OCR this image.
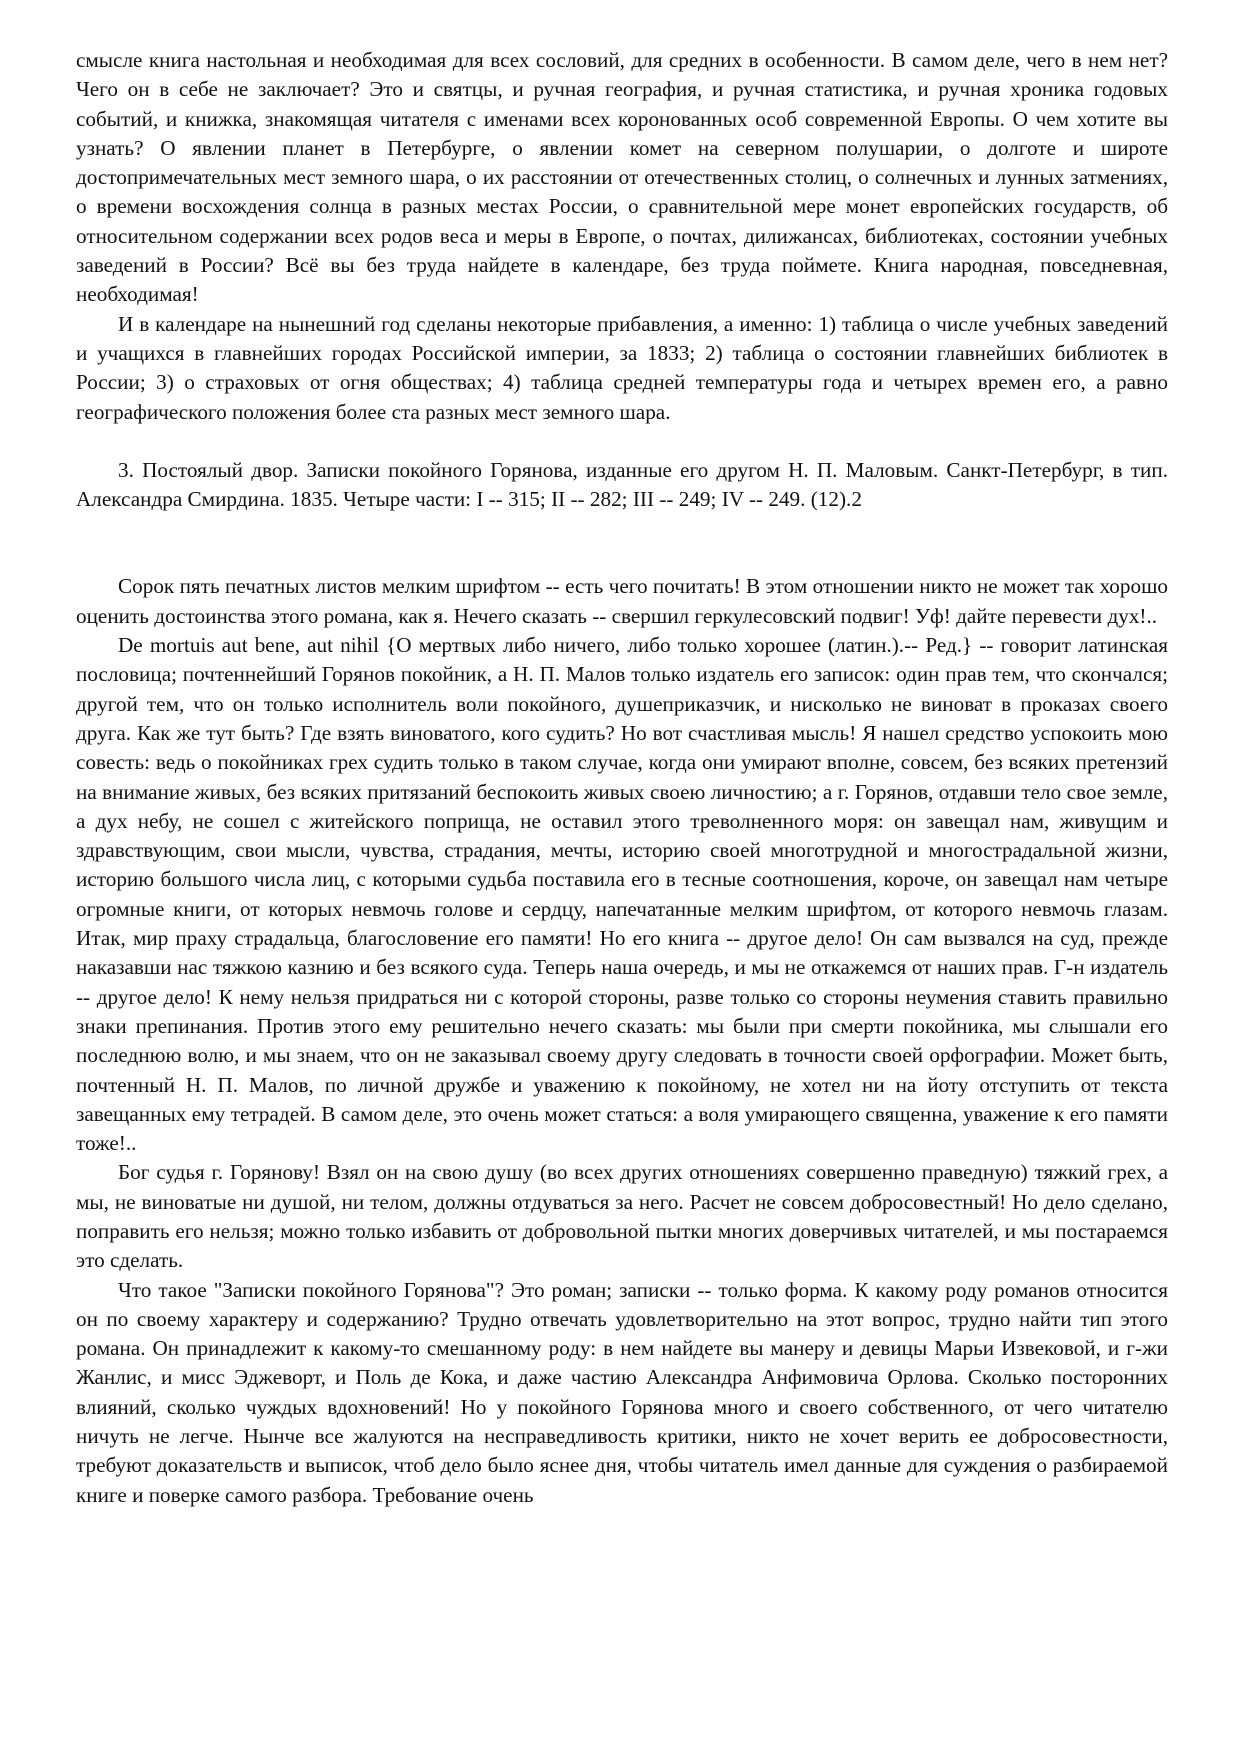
смысле книга настольная и необходимая для всех сословий, для средних в особенности. В самом деле, чего в нем нет? Чего он в себе не заключает? Это и святцы, и ручная география, и ручная статистика, и ручная хроника годовых событий, и книжка, знакомящая читателя с именами всех коронованных особ современной Европы. О чем хотите вы узнать? О явлении планет в Петербурге, о явлении комет на северном полушарии, о долготе и широте достопримечательных мест земного шара, о их расстоянии от отечественных столиц, о солнечных и лунных затмениях, о времени восхождения солнца в разных местах России, о сравнительной мере монет европейских государств, об относительном содержании всех родов веса и меры в Европе, о почтах, дилижансах, библиотеках, состоянии учебных заведений в России? Всё вы без труда найдете в календаре, без труда поймете. Книга народная, повседневная, необходимая!

И в календаре на нынешний год сделаны некоторые прибавления, а именно: 1) таблица о числе учебных заведений и учащихся в главнейших городах Российской империи, за 1833; 2) таблица о состоянии главнейших библиотек в России; 3) о страховых от огня обществах; 4) таблица средней температуры года и четырех времен его, а равно географического положения более ста разных мест земного шара.

3. Постоялый двор. Записки покойного Горянова, изданные его другом Н. П. Маловым. Санкт-Петербург, в тип. Александра Смирдина. 1835. Четыре части: I -- 315; II -- 282; III -- 249; IV -- 249. (12).2

Сорок пять печатных листов мелким шрифтом -- есть чего почитать! В этом отношении никто не может так хорошо оценить достоинства этого романа, как я. Нечего сказать -- свершил геркулесовский подвиг! Уф! дайте перевести дух!..

De mortuis aut bene, aut nihil {О мертвых либо ничего, либо только хорошее (латин.).-- Ред.} -- говорит латинская пословица; почтеннейший Горянов покойник, а Н. П. Малов только издатель его записок: один прав тем, что скончался; другой тем, что он только исполнитель воли покойного, душеприказчик, и нисколько не виноват в проказах своего друга. Как же тут быть? Где взять виноватого, кого судить? Но вот счастливая мысль! Я нашел средство успокоить мою совесть: ведь о покойниках грех судить только в таком случае, когда они умирают вполне, совсем, без всяких претензий на внимание живых, без всяких притязаний беспокоить живых своею личностию; а г. Горянов, отдавши тело свое земле, а дух небу, не сошел с житейского поприща, не оставил этого треволненного моря: он завещал нам, живущим и здравствующим, свои мысли, чувства, страдания, мечты, историю своей многотрудной и многострадальной жизни, историю большого числа лиц, с которыми судьба поставила его в тесные соотношения, короче, он завещал нам четыре огромные книги, от которых невмочь голове и сердцу, напечатанные мелким шрифтом, от которого невмочь глазам. Итак, мир праху страдальца, благословение его памяти! Но его книга -- другое дело! Он сам вызвался на суд, прежде наказавши нас тяжкою казнию и без всякого суда. Теперь наша очередь, и мы не откажемся от наших прав. Г-н издатель -- другое дело! К нему нельзя придраться ни с которой стороны, разве только со стороны неумения ставить правильно знаки препинания. Против этого ему решительно нечего сказать: мы были при смерти покойника, мы слышали его последнюю волю, и мы знаем, что он не заказывал своему другу следовать в точности своей орфографии. Может быть, почтенный Н. П. Малов, по личной дружбе и уважению к покойному, не хотел ни на йоту отступить от текста завещанных ему тетрадей. В самом деле, это очень может статься: а воля умирающего священна, уважение к его памяти тоже!..

Бог судья г. Горянову! Взял он на свою душу (во всех других отношениях совершенно праведную) тяжкий грех, а мы, не виноватые ни душой, ни телом, должны отдуваться за него. Расчет не совсем добросовестный! Но дело сделано, поправить его нельзя; можно только избавить от добровольной пытки многих доверчивых читателей, и мы постараемся это сделать.

Что такое "Записки покойного Горянова"? Это роман; записки -- только форма. К какому роду романов относится он по своему характеру и содержанию? Трудно отвечать удовлетворительно на этот вопрос, трудно найти тип этого романа. Он принадлежит к какому-то смешанному роду: в нем найдете вы манеру и девицы Марьи Извековой, и г-жи Жанлис, и мисс Эджеворт, и Поль де Кока, и даже частию Александра Анфимовича Орлова. Сколько посторонних влияний, сколько чуждых вдохновений! Но у покойного Горянова много и своего собственного, от чего читателю ничуть не легче. Нынче все жалуются на несправедливость критики, никто не хочет верить ее добросовестности, требуют доказательств и выписок, чтоб дело было яснее дня, чтобы читатель имел данные для суждения о разбираемой книге и поверке самого разбора. Требование очень
